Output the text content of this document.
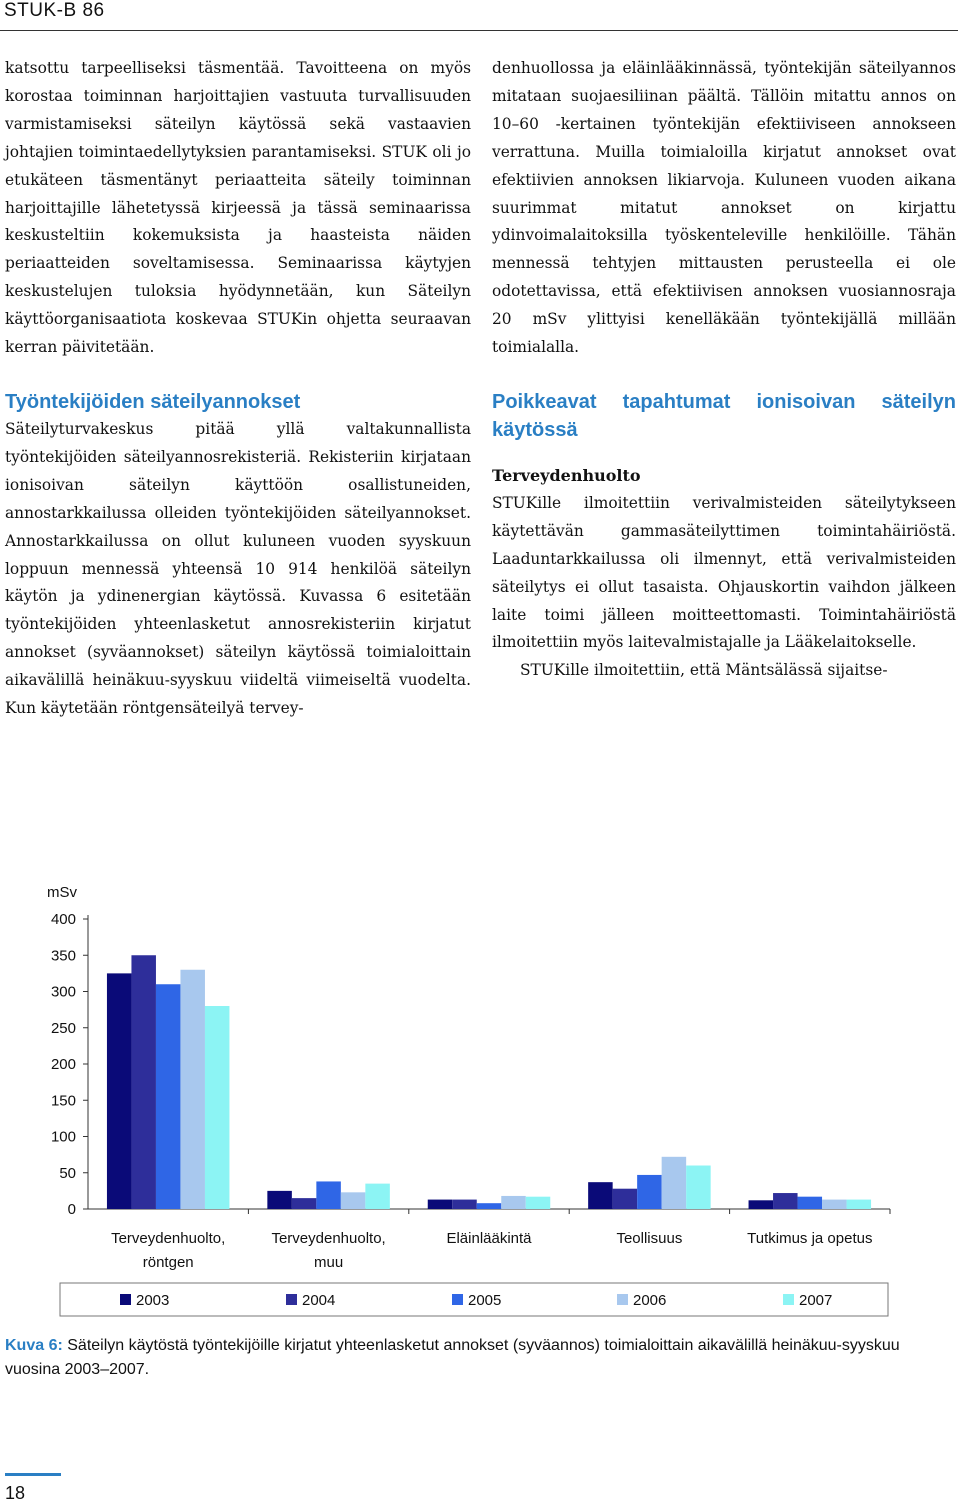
STUK-B 86

katsottu tarpeelliseksi täsmentää. Tavoitteena on myös korostaa toiminnan harjoittajien vastuuta turvallisuuden varmistamiseksi säteilyn käytössä sekä vastaavien johtajien toimintaedellytyksien parantamiseksi. STUK oli jo etukäteen täsmentänyt periaatteita säteily toiminnan harjoittajille lähetetyssä kirjeessä ja tässä seminaarissa keskusteltiin kokemuksista ja haasteista näiden periaatteiden soveltamisessa. Seminaarissa käytyjen keskustelujen tuloksia hyödynnetään, kun Säteilyn käyttöorganisaatiota koskevaa STUKin ohjetta seuraavan kerran päivitetään.

Työntekijöiden säteilyannokset

Säteilyturvakeskus pitää yllä valtakunnallista työntekijöiden säteilyannosrekisteriä. Rekisteriin kirjataan ionisoivan säteilyn käyttöön osallistuneiden, annostarkkailussa olleiden työntekijöiden säteilyannokset. Annostarkkailussa on ollut kuluneen vuoden syyskuun loppuun mennessä yhteensä 10 914 henkilöä säteilyn käytön ja ydinenergian käytössä. Kuvassa 6 esitetään työntekijöiden yhteenlasketut annosrekisteriin kirjatut annokset (syväannokset) säteilyn käytössä toimialoittain aikavälillä heinäkuu-syyskuu viideltä viimeiseltä vuodelta. Kun käytetään röntgensäteilyä tervey-

denhuollossa ja eläinlääkinnässä, työntekijän säteilyannos mitataan suojaesiliinan päältä. Tällöin mitattu annos on 10–60 -kertainen työntekijän efektiiviseen annokseen verrattuna. Muilla toimialoilla kirjatut annokset ovat efektiivien annoksen likiarvoja. Kuluneen vuoden aikana suurimmat mitatut annokset on kirjattu ydinvoimalaitoksilla työskenteleville henkilöille. Tähän mennessä tehtyjen mittausten perusteella ei ole odotettavissa, että efektiivisen annoksen vuosiannosraja 20 mSv ylittyisi kenelläkään työntekijällä millään toimialalla.

Poikkeavat tapahtumat ionisoivan säteilyn käytössä

Terveydenhuolto

STUKille ilmoitettiin verivalmisteiden säteilytykseen käytettävän gammasäteilyttimen toimintahäiriöstä. Laaduntarkkailussa oli ilmennyt, että verivalmisteiden säteilytys ei ollut tasaista. Ohjauskortin vaihdon jälkeen laite toimi jälleen moitteettomasti. Toimintahäiriöstä ilmoitettiin myös laitevalmistajalle ja Lääkelaitokselle.

STUKille ilmoitettiin, että Mäntsälässä sijaitse-

mSv
0
50
100
150
200
250
300
350
400
Terveydenhuolto,
röntgen
Terveydenhuolto,
muu
Eläinlääkintä	Teollisuus	Tutkimus ja opetus
2003	2004	2005	2006	2007
Kuva 6: Säteilyn käytöstä työntekijöille kirjatut yhteenlasketut annokset (syväannos) toimialoittain aikavälillä heinäkuu-syyskuu vuosina 2003–2007.
18
